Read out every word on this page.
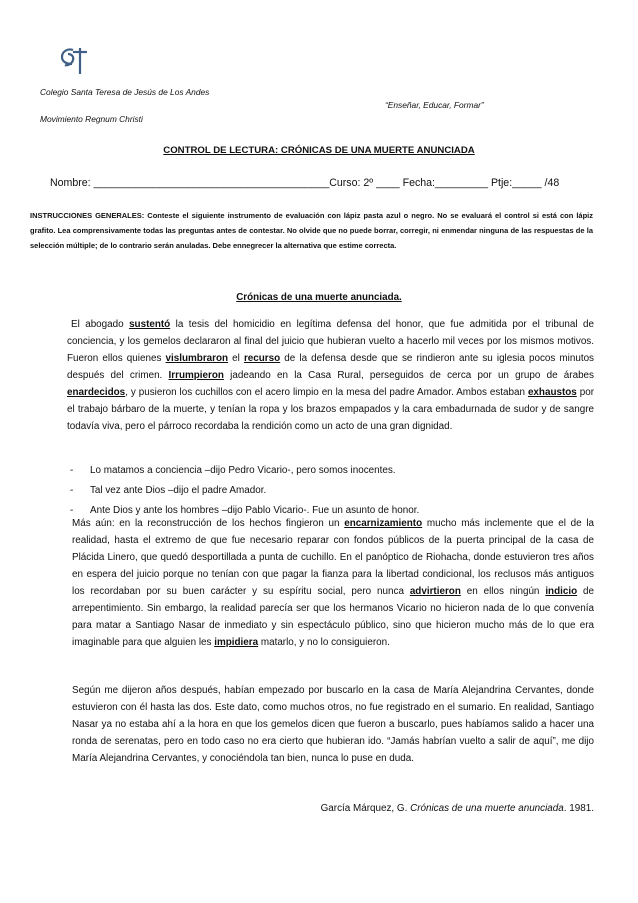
Colegio Santa Teresa de Jesús de Los Andes
“Enseñar, Educar, Formar”
Movimiento Regnum Christi
CONTROL DE LECTURA: CRÓNICAS DE UNA MUERTE ANUNCIADA
Nombre: ________________________________________Curso: 2º ____ Fecha:_________ Ptje:_____ /48
INSTRUCCIONES GENERALES: Conteste el siguiente instrumento de evaluación con lápiz pasta azul o negro. No se evaluará el control si está con lápiz grafito. Lea comprensivamente todas las preguntas antes de contestar. No olvide que no puede borrar, corregir, ni enmendar ninguna de las respuestas de la selección múltiple; de lo contrario serán anuladas. Debe ennegrecer la alternativa que estime correcta.
Crónicas de una muerte anunciada.
El abogado sustentó la tesis del homicidio en legítima defensa del honor, que fue admitida por el tribunal de conciencia, y los gemelos declararon al final del juicio que hubieran vuelto a hacerlo mil veces por los mismos motivos. Fueron ellos quienes vislumbraron el recurso de la defensa desde que se rindieron ante su iglesia pocos minutos después del crimen. Irrumpieron jadeando en la Casa Rural, perseguidos de cerca por un grupo de árabes enardecidos, y pusieron los cuchillos con el acero limpio en la mesa del padre Amador. Ambos estaban exhaustos por el trabajo bárbaro de la muerte, y tenían la ropa y los brazos empapados y la cara embadurnada de sudor y de sangre todavía viva, pero el párroco recordaba la rendición como un acto de una gran dignidad.
-	Lo matamos a conciencia –dijo Pedro Vicario-, pero somos inocentes.
-	Tal vez ante Dios –dijo el padre Amador.
-	Ante Dios y ante los hombres –dijo Pablo Vicario-. Fue un asunto de honor.
Más aún: en la reconstrucción de los hechos fingieron un encarnizamiento mucho más inclemente que el de la realidad, hasta el extremo de que fue necesario reparar con fondos públicos de la puerta principal de la casa de Plácida Linero, que quedó desportillada a punta de cuchillo. En el panóptico de Riohacha, donde estuvieron tres años en espera del juicio porque no tenían con que pagar la fianza para la libertad condicional, los reclusos más antiguos los recordaban por su buen carácter y su espíritu social, pero nunca advirtieron en ellos ningún indicio de arrepentimiento. Sin embargo, la realidad parecía ser que los hermanos Vicario no hicieron nada de lo que convenía para matar a Santiago Nasar de inmediato y sin espectáculo público, sino que hicieron mucho más de lo que era imaginable para que alguien les impidiera matarlo, y no lo consiguieron.
Según me dijeron años después, habían empezado por buscarlo en la casa de María Alejandrina Cervantes, donde estuvieron con él hasta las dos. Este dato, como muchos otros, no fue registrado en el sumario. En realidad, Santiago Nasar ya no estaba ahí a la hora en que los gemelos dicen que fueron a buscarlo, pues habíamos salido a hacer una ronda de serenatas, pero en todo caso no era cierto que hubieran ido. “Jamás habrían vuelto a salir de aquí”, me dijo María Alejandrina Cervantes, y conociéndola tan bien, nunca lo puse en duda.
García Márquez, G. Crónicas de una muerte anunciada. 1981.
